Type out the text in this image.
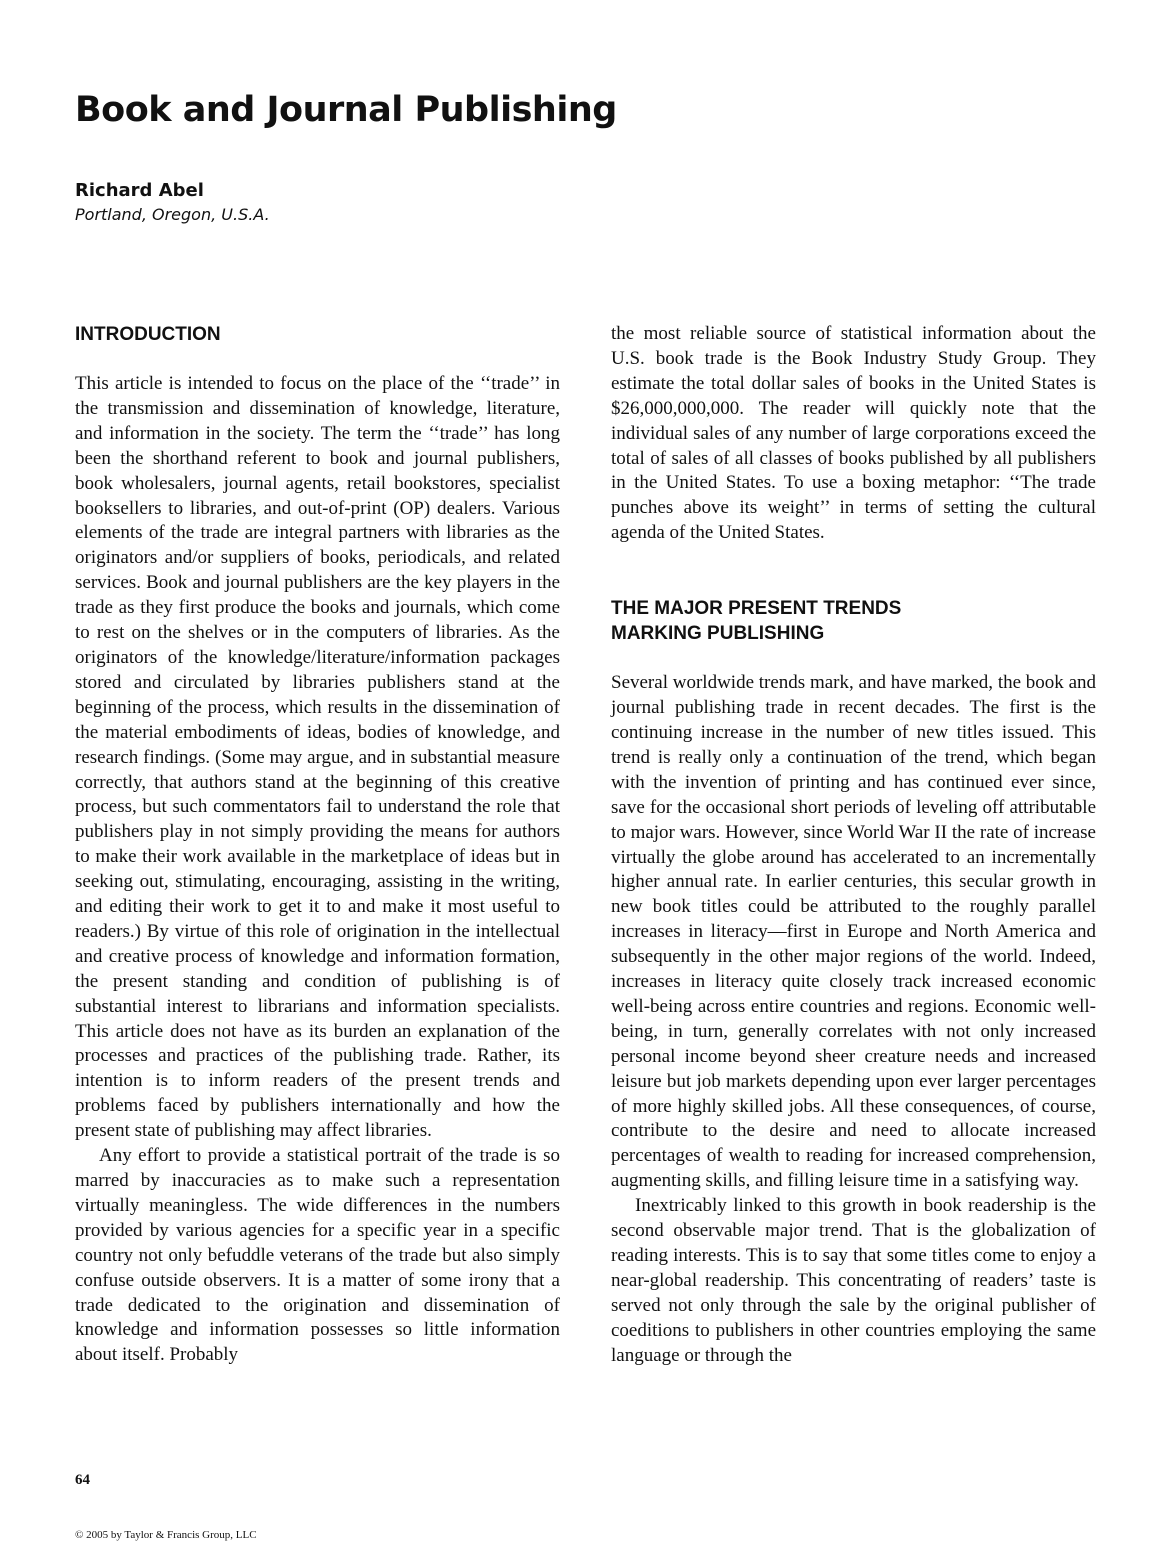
Book and Journal Publishing
Richard Abel
Portland, Oregon, U.S.A.
INTRODUCTION

This article is intended to focus on the place of the ‘‘trade’’ in the transmission and dissemination of knowledge, literature, and information in the society. The term the ‘‘trade’’ has long been the shorthand referent to book and journal publishers, book wholesalers, journal agents, retail bookstores, specialist booksellers to libraries, and out-of-print (OP) dealers. Various elements of the trade are integral partners with libraries as the originators and/or suppliers of books, periodicals, and related services. Book and journal publishers are the key players in the trade as they first produce the books and journals, which come to rest on the shelves or in the computers of libraries. As the originators of the knowledge/literature/information packages stored and circulated by libraries publishers stand at the beginning of the process, which results in the dissemination of the material embodiments of ideas, bodies of knowledge, and research findings. (Some may argue, and in substantial measure correctly, that authors stand at the beginning of this creative process, but such commentators fail to understand the role that publishers play in not simply providing the means for authors to make their work available in the marketplace of ideas but in seeking out, stimulating, encouraging, assisting in the writing, and editing their work to get it to and make it most useful to readers.) By virtue of this role of origination in the intellectual and creative process of knowledge and information formation, the present standing and condition of publishing is of substantial interest to librarians and information specialists. This article does not have as its burden an explanation of the processes and practices of the publishing trade. Rather, its intention is to inform readers of the present trends and problems faced by publishers internationally and how the present state of publishing may affect libraries.

Any effort to provide a statistical portrait of the trade is so marred by inaccuracies as to make such a representation virtually meaningless. The wide differences in the numbers provided by various agencies for a specific year in a specific country not only befuddle veterans of the trade but also simply confuse outside observers. It is a matter of some irony that a trade dedicated to the origination and dissemination of knowledge and information possesses so little information about itself. Probably

the most reliable source of statistical information about the U.S. book trade is the Book Industry Study Group. They estimate the total dollar sales of books in the United States is $26,000,000,000. The reader will quickly note that the individual sales of any number of large corporations exceed the total of sales of all classes of books published by all publishers in the United States. To use a boxing metaphor: ‘‘The trade punches above its weight’’ in terms of setting the cultural agenda of the United States.

THE MAJOR PRESENT TRENDS
MARKING PUBLISHING

Several worldwide trends mark, and have marked, the book and journal publishing trade in recent decades. The first is the continuing increase in the number of new titles issued. This trend is really only a continuation of the trend, which began with the invention of printing and has continued ever since, save for the occasional short periods of leveling off attributable to major wars. However, since World War II the rate of increase virtually the globe around has accelerated to an incrementally higher annual rate. In earlier centuries, this secular growth in new book titles could be attributed to the roughly parallel increases in literacy—first in Europe and North America and subsequently in the other major regions of the world. Indeed, increases in literacy quite closely track increased economic well-being across entire countries and regions. Economic well-being, in turn, generally correlates with not only increased personal income beyond sheer creature needs and increased leisure but job markets depending upon ever larger percentages of more highly skilled jobs. All these consequences, of course, contribute to the desire and need to allocate increased percentages of wealth to reading for increased comprehension, augmenting skills, and filling leisure time in a satisfying way.

Inextricably linked to this growth in book readership is the second observable major trend. That is the globalization of reading interests. This is to say that some titles come to enjoy a near-global readership. This concentrating of readers’ taste is served not only through the sale by the original publisher of coeditions to publishers in other countries employing the same language or through the

64
© 2005 by Taylor & Francis Group, LLC
